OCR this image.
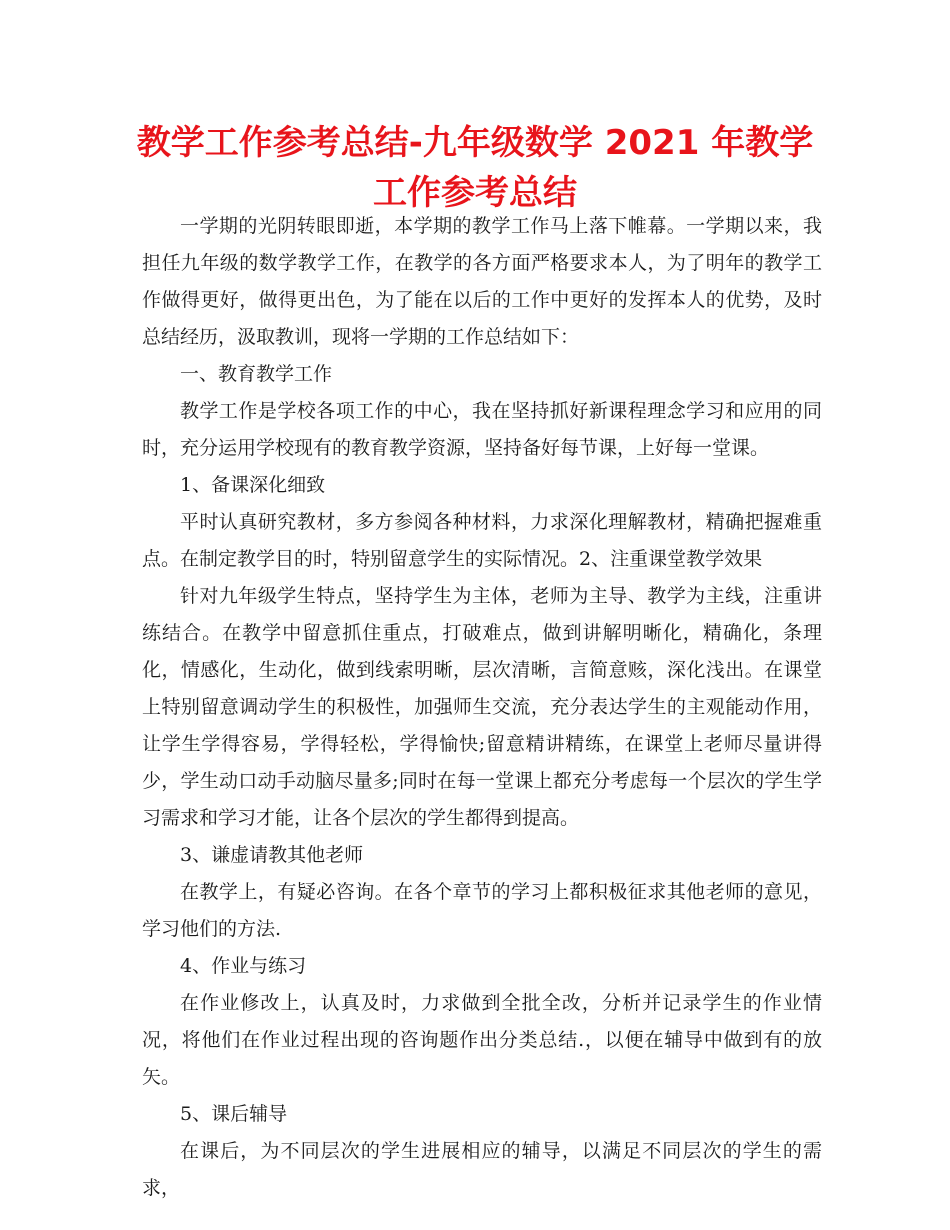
教学工作参考总结-九年级数学 2021 年教学工作参考总结

一学期的光阴转眼即逝，本学期的教学工作马上落下帷幕。一学期以来，我担任九年级的数学教学工作，在教学的各方面严格要求本人，为了明年的教学工作做得更好，做得更出色，为了能在以后的工作中更好的发挥本人的优势，及时总结经历，汲取教训，现将一学期的工作总结如下：

一、教育教学工作

教学工作是学校各项工作的中心，我在坚持抓好新课程理念学习和应用的同时，充分运用学校现有的教育教学资源，坚持备好每节课，上好每一堂课。

1、备课深化细致

平时认真研究教材，多方参阅各种材料，力求深化理解教材，精确把握难重点。在制定教学目的时，特别留意学生的实际情况。2、注重课堂教学效果

针对九年级学生特点，坚持学生为主体，老师为主导、教学为主线，注重讲练结合。在教学中留意抓住重点，打破难点，做到讲解明晰化，精确化，条理化，情感化，生动化，做到线索明晰，层次清晰，言简意赅，深化浅出。在课堂上特别留意调动学生的积极性，加强师生交流，充分表达学生的主观能动作用，让学生学得容易，学得轻松，学得愉快;留意精讲精练，在课堂上老师尽量讲得少，学生动口动手动脑尽量多;同时在每一堂课上都充分考虑每一个层次的学生学习需求和学习才能，让各个层次的学生都得到提高。

3、谦虚请教其他老师

在教学上，有疑必咨询。在各个章节的学习上都积极征求其他老师的意见，学习他们的方法.

4、作业与练习

在作业修改上，认真及时，力求做到全批全改，分析并记录学生的作业情况，将他们在作业过程出现的咨询题作出分类总结.，以便在辅导中做到有的放矢。

5、课后辅导

在课后，为不同层次的学生进展相应的辅导，以满足不同层次的学生的需求，
